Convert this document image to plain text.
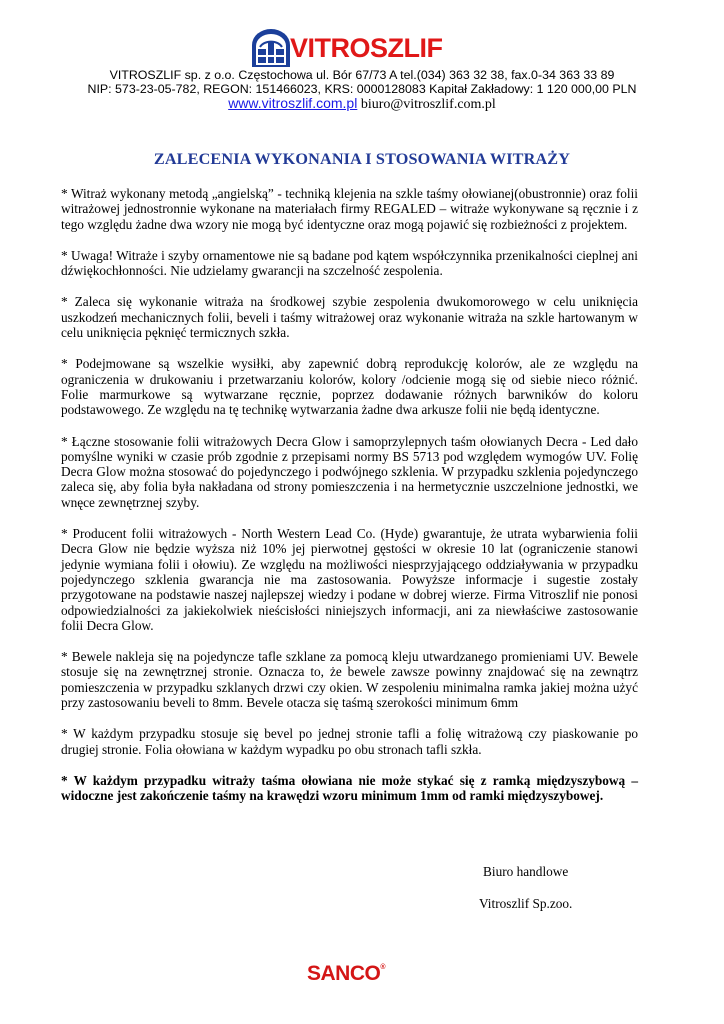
VITROSZLIF
VITROSZLIF sp. z o.o. Częstochowa ul. Bór 67/73 A tel.(034) 363 32 38, fax.0-34 363 33 89
NIP: 573-23-05-782, REGON: 151466023, KRS: 0000128083 Kapitał Zakładowy: 1 120 000,00 PLN
www.vitroszlif.com.pl biuro@vitroszlif.com.pl
ZALECENIA WYKONANIA I STOSOWANIA WITRAŻY

* Witraż wykonany metodą „angielską” - techniką klejenia na szkle taśmy ołowianej(obustronnie) oraz folii witrażowej jednostronnie wykonane na materiałach firmy REGALED – witraże wykonywane są ręcznie i z tego względu żadne dwa wzory nie mogą być identyczne oraz mogą pojawić się rozbieżności z projektem.

* Uwaga! Witraże i szyby ornamentowe nie są badane pod kątem współczynnika przenikalności cieplnej ani dźwiękochłonności. Nie udzielamy gwarancji na szczelność zespolenia.

* Zaleca się wykonanie witraża na środkowej szybie zespolenia dwukomorowego w celu uniknięcia uszkodzeń mechanicznych folii, beveli i taśmy witrażowej oraz wykonanie witraża na szkle hartowanym w celu uniknięcia pęknięć termicznych szkła.

* Podejmowane są wszelkie wysiłki, aby zapewnić dobrą reprodukcję kolorów, ale ze względu na ograniczenia w drukowaniu i przetwarzaniu kolorów, kolory /odcienie mogą się od siebie nieco różnić. Folie marmurkowe są wytwarzane ręcznie, poprzez dodawanie różnych barwników do koloru podstawowego. Ze względu na tę technikę wytwarzania żadne dwa arkusze folii nie będą identyczne.

* Łączne stosowanie folii witrażowych Decra Glow i samoprzylepnych taśm ołowianych Decra - Led dało pomyślne wyniki w czasie prób zgodnie z przepisami normy BS 5713 pod względem wymogów UV. Folię Decra Glow można stosować do pojedynczego i podwójnego szklenia. W przypadku szklenia pojedynczego zaleca się, aby folia była nakładana od strony pomieszczenia i na hermetycznie uszczelnione jednostki, we wnęce zewnętrznej szyby.

* Producent folii witrażowych - North Western Lead Co. (Hyde) gwarantuje, że utrata wybarwienia folii Decra Glow nie będzie wyższa niż 10% jej pierwotnej gęstości w okresie 10 lat (ograniczenie stanowi jedynie wymiana folii i ołowiu). Ze względu na możliwości niesprzyjającego oddziaływania w przypadku pojedynczego szklenia gwarancja nie ma zastosowania. Powyższe informacje i sugestie zostały przygotowane na podstawie naszej najlepszej wiedzy i podane w dobrej wierze. Firma Vitroszlif nie ponosi odpowiedzialności za jakiekolwiek nieścisłości niniejszych informacji, ani za niewłaściwe zastosowanie folii Decra Glow.

* Bewele nakleja się na pojedyncze tafle szklane za pomocą kleju utwardzanego promieniami UV. Bewele stosuje się na zewnętrznej stronie. Oznacza to, że bewele zawsze powinny znajdować się na zewnątrz pomieszczenia w przypadku szklanych drzwi czy okien. W zespoleniu minimalna ramka jakiej można użyć przy zastosowaniu beveli to 8mm. Bevele otacza się taśmą szerokości minimum 6mm

* W każdym przypadku stosuje się bevel po jednej stronie tafli a folię witrażową czy piaskowanie po drugiej stronie. Folia ołowiana w każdym wypadku po obu stronach tafli szkła.

* W każdym przypadku witraży taśma ołowiana nie może stykać się z ramką międzyszybową – widoczne jest zakończenie taśmy na krawędzi wzoru minimum 1mm od ramki międzyszybowej.

Biuro handlowe
Vitroszlif Sp.zoo.
SANCO®
